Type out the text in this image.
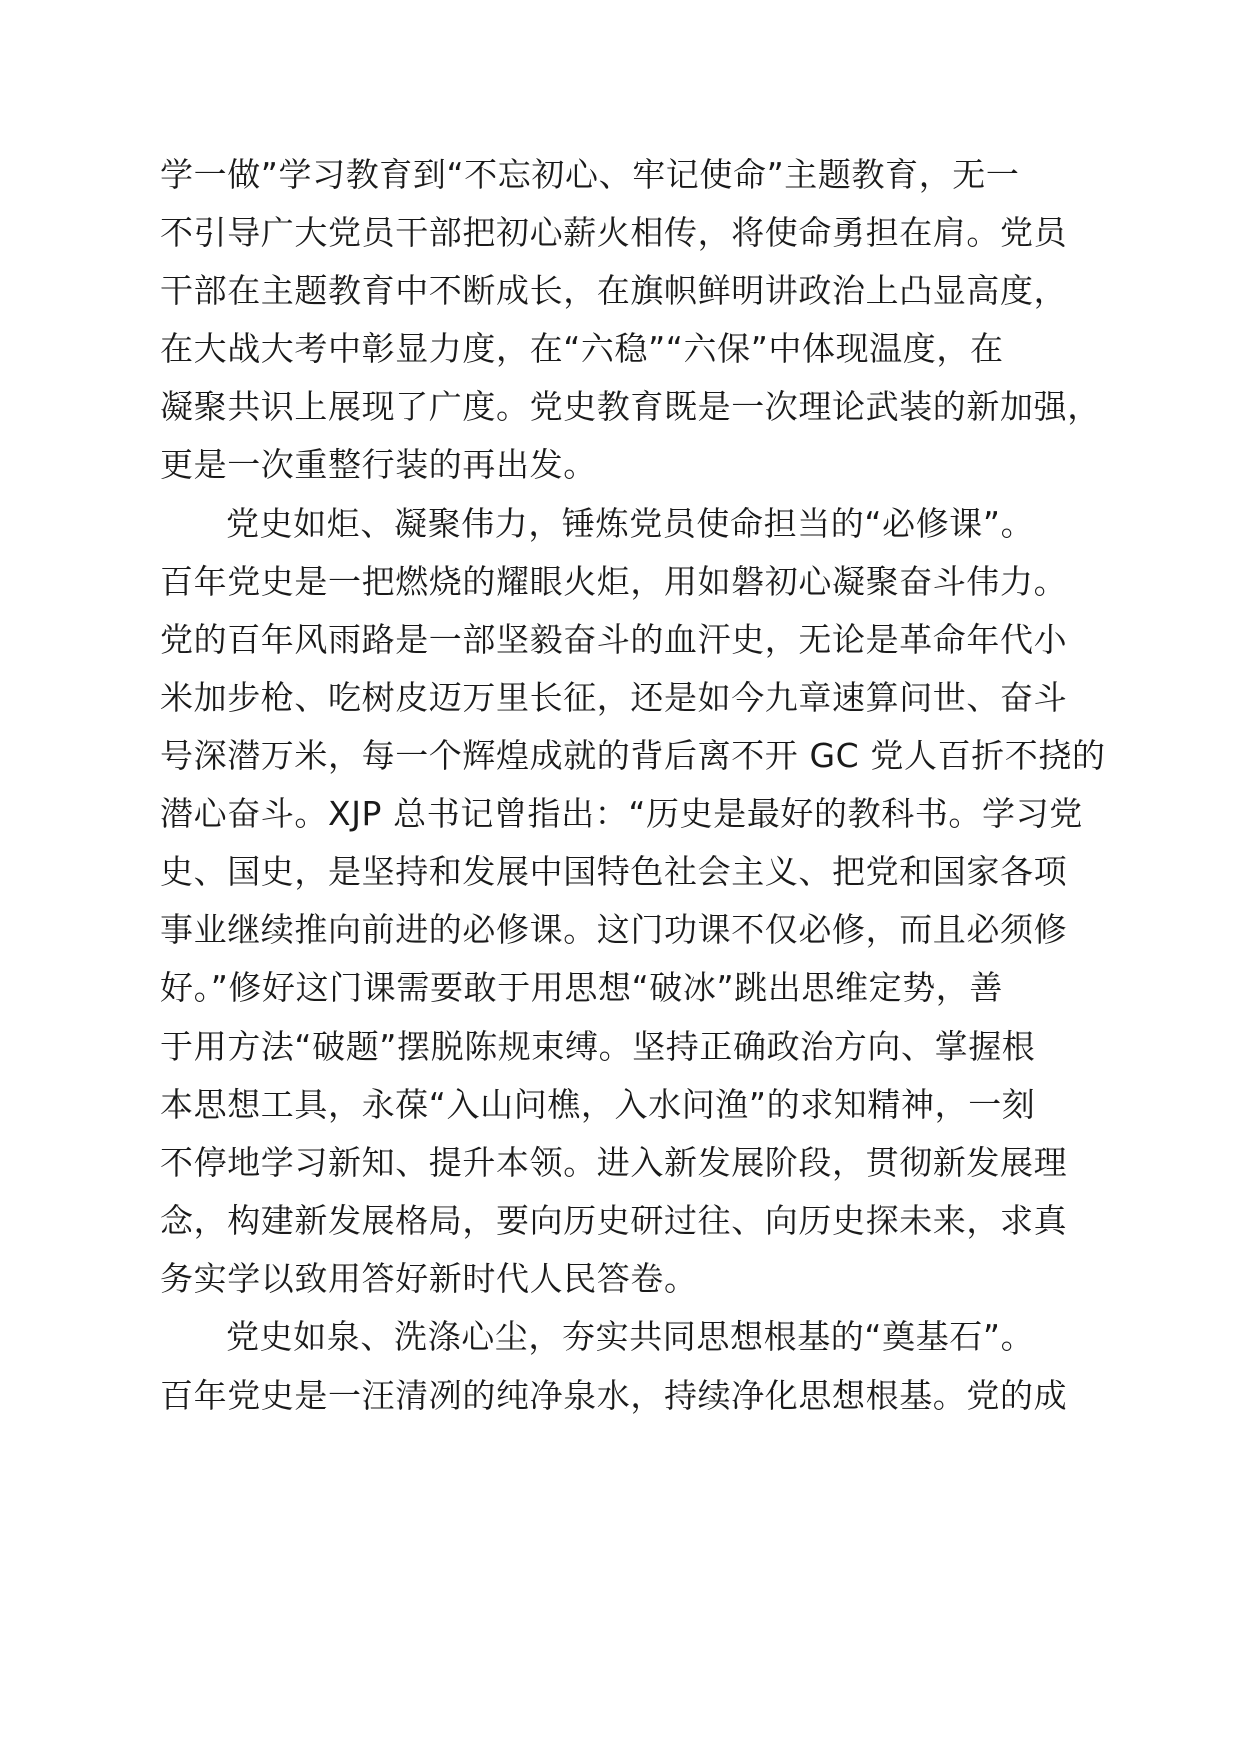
学一做”学习教育到“不忘初心、牢记使命”主题教育，无一
不引导广大党员干部把初心薪火相传，将使命勇担在肩。党员
干部在主题教育中不断成长，在旗帜鲜明讲政治上凸显高度，
在大战大考中彰显力度，在“六稳”“六保”中体现温度，在
凝聚共识上展现了广度。党史教育既是一次理论武装的新加强，
更是一次重整行装的再出发。
党史如炬、凝聚伟力，锤炼党员使命担当的“必修课”。
百年党史是一把燃烧的耀眼火炬，用如磐初心凝聚奋斗伟力。
党的百年风雨路是一部坚毅奋斗的血汗史，无论是革命年代小
米加步枪、吃树皮迈万里长征，还是如今九章速算问世、奋斗
号深潜万米，每一个辉煌成就的背后离不开 GC 党人百折不挠的
潜心奋斗。XJP 总书记曾指出：“历史是最好的教科书。学习党
史、国史，是坚持和发展中国特色社会主义、把党和国家各项
事业继续推向前进的必修课。这门功课不仅必修，而且必须修
好。”修好这门课需要敢于用思想“破冰”跳出思维定势，善
于用方法“破题”摆脱陈规束缚。坚持正确政治方向、掌握根
本思想工具，永葆“入山问樵，入水问渔”的求知精神，一刻
不停地学习新知、提升本领。进入新发展阶段，贯彻新发展理
念，构建新发展格局，要向历史研过往、向历史探未来，求真
务实学以致用答好新时代人民答卷。
党史如泉、洗涤心尘，夯实共同思想根基的“奠基石”。
百年党史是一汪清冽的纯净泉水，持续净化思想根基。党的成
